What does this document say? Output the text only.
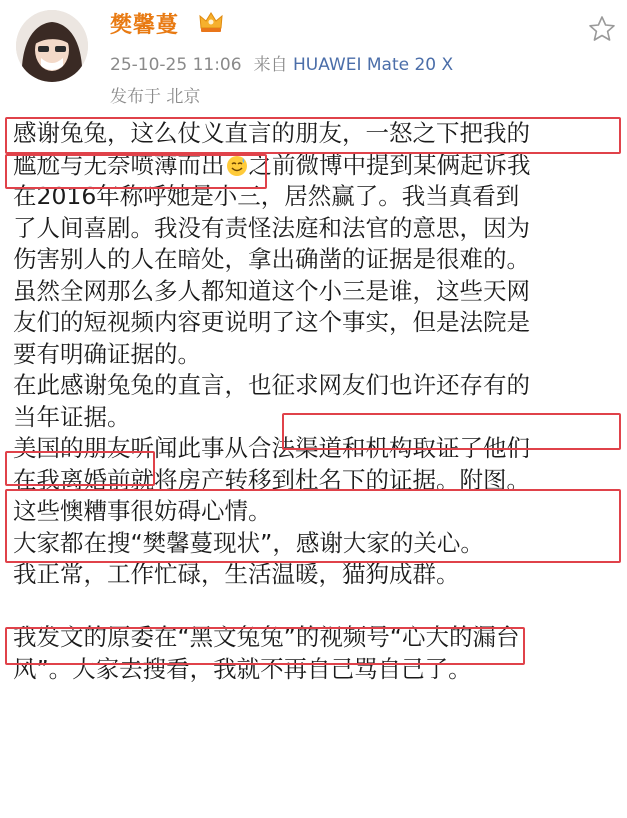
樊馨蔓
25-10-25 11:06 来自 HUAWEI Mate 20 X
发布于 北京
感谢兔兔，这么仗义直言的朋友，一怒之下把我的
尴尬与无奈喷薄而出 之前微博中提到某俩起诉我
在2016年称呼她是小三，居然赢了。我当真看到
了人间喜剧。我没有责怪法庭和法官的意思，因为
伤害别人的人在暗处，拿出确凿的证据是很难的。
虽然全网那么多人都知道这个小三是谁，这些天网
友们的短视频内容更说明了这个事实，但是法院是
要有明确证据的。
在此感谢兔兔的直言，也征求网友们也许还存有的
当年证据。
美国的朋友听闻此事从合法渠道和机构取证了他们
在我离婚前就将房产转移到杜名下的证据。附图。
这些懊糟事很妨碍心情。
大家都在搜“樊馨蔓现状”，感谢大家的关心。
我正常，工作忙碌，生活温暖，猫狗成群。
我发文的原委在“黑文兔兔”的视频号“心大的漏台
风”。大家去搜看，我就不再自己骂自己了。
